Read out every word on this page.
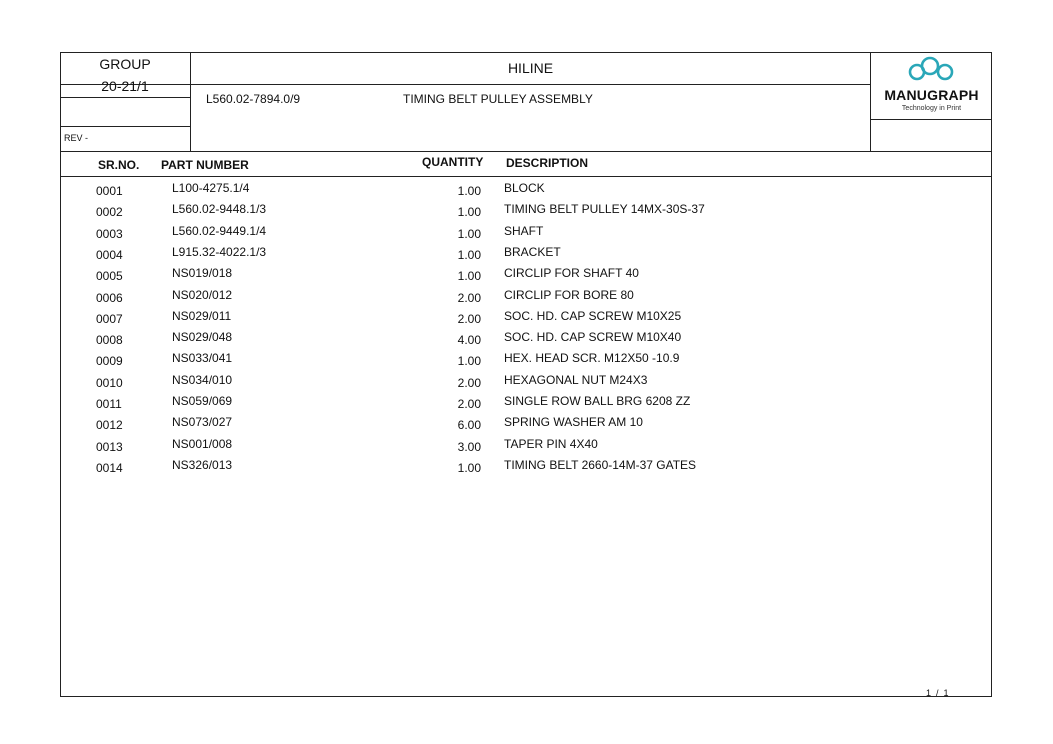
GROUP
20-21/1
HILINE
L560.02-7894.0/9	TIMING BELT PULLEY ASSEMBLY
REV -
MANUGRAPH
Technology in Print
SR.NO. PART NUMBER	QUANTITY DESCRIPTION
0001	L100-4275.1/4	1.00 BLOCK
0002	L560.02-9448.1/3	1.00 TIMING BELT PULLEY 14MX-30S-37
0003	L560.02-9449.1/4	1.00 SHAFT
0004	L915.32-4022.1/3	1.00 BRACKET
0005	NS019/018	1.00 CIRCLIP FOR SHAFT 40
0006	NS020/012	2.00 CIRCLIP FOR BORE 80
0007	NS029/011	2.00 SOC. HD. CAP SCREW M10X25
0008	NS029/048	4.00 SOC. HD. CAP SCREW M10X40
0009	NS033/041	1.00 HEX. HEAD SCR. M12X50 -10.9
0010	NS034/010	2.00 HEXAGONAL NUT M24X3
0011	NS059/069	2.00 SINGLE ROW BALL BRG 6208 ZZ
0012	NS073/027	6.00 SPRING WASHER AM 10
0013	NS001/008	3.00 TAPER PIN 4X40
0014	NS326/013	1.00 TIMING BELT 2660-14M-37 GATES
1  /  1
